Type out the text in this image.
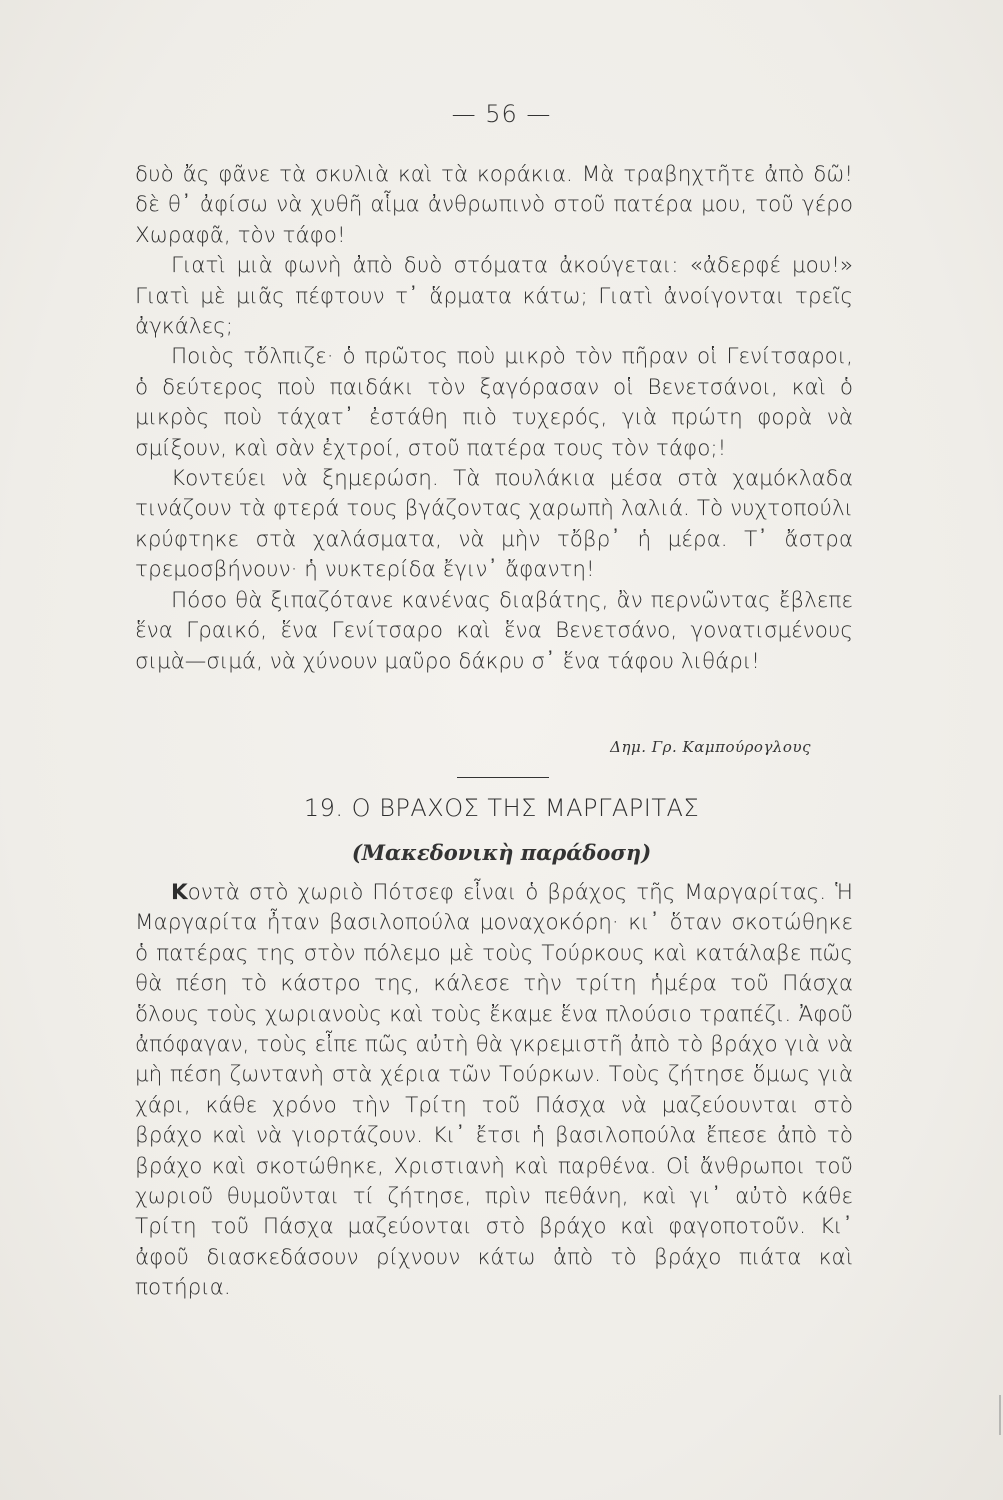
— 56 —

δυὸ ἄς φᾶνε τὰ σκυλιὰ καὶ τὰ κοράκια. Μὰ τραβηχτῆτε ἀπὸ δῶ! δὲ θ᾽ ἀφίσω νὰ χυθῆ αἷμα ἀνθρωπινὸ στοῦ πατέρα μου, τοῦ γέρο Χωραφᾶ, τὸν τάφο!

Γιατὶ μιὰ φωνὴ ἀπὸ δυὸ στόματα ἀκούγεται: «ἀδερφέ μου!» Γιατὶ μὲ μιᾶς πέφτουν τ᾽ ἅρματα κάτω; Γιατὶ ἀνοίγονται τρεῖς ἀγκάλες;

Ποιὸς τὄλπιζε· ὁ πρῶτος ποὺ μικρὸ τὸν πῆραν οἱ Γενίτσαροι, ὁ δεύτερος ποὺ παιδάκι τὸν ξαγόρασαν οἱ Βενετσάνοι, καὶ ὁ μικρὸς ποὺ τάχατ᾽ ἐστάθη πιὸ τυχερός, γιὰ πρώτη φορὰ νὰ σμίξουν, καὶ σὰν ἐχτροί, στοῦ πατέρα τους τὸν τάφο;!

Κοντεύει νὰ ξημερώση. Τὰ πουλάκια μέσα στὰ χαμόκλαδα τινάζουν τὰ φτερά τους βγάζοντας χαρωπὴ λαλιά. Τὸ νυχτοπούλι κρύφτηκε στὰ χαλάσματα, νὰ μὴν τὄβρ᾽ ἡ μέρα. Τ᾽ ἄστρα τρεμοσβήνουν· ἡ νυκτερίδα ἔγιν᾽ ἄφαντη!

Πόσο θὰ ξιπαζότανε κανένας διαβάτης, ἂν περνῶντας ἔβλεπε ἕνα Γραικό, ἕνα Γενίτσαρο καὶ ἕνα Βενετσάνο, γονατισμένους σιμὰ—σιμά, νὰ χύνουν μαῦρο δάκρυ σ᾽ ἕνα τάφου λιθάρι!

Δημ. Γρ. Καμπούρογλους
19. Ο ΒΡΑΧΟΣ ΤΗΣ ΜΑΡΓΑΡΙΤΑΣ
(Μακεδονικὴ παράδοση)

Κοντὰ στὸ χωριὸ Πότσεφ εἶναι ὁ βράχος τῆς Μαργαρίτας. Ἡ Μαργαρίτα ἦταν βασιλοπούλα μοναχοκόρη· κι᾽ ὅταν σκοτώθηκε ὁ πατέρας της στὸν πόλεμο μὲ τοὺς Τούρκους καὶ κατάλαβε πῶς θὰ πέση τὸ κάστρο της, κάλεσε τὴν τρίτη ἡμέρα τοῦ Πάσχα ὅλους τοὺς χωριανοὺς καὶ τοὺς ἔκαμε ἕνα πλούσιο τραπέζι. Ἀφοῦ ἀπόφαγαν, τοὺς εἶπε πῶς αὐτὴ θὰ γκρεμιστῆ ἀπὸ τὸ βράχο γιὰ νὰ μὴ πέση ζωντανὴ στὰ χέρια τῶν Τούρκων. Τοὺς ζήτησε ὅμως γιὰ χάρι, κάθε χρόνο τὴν Τρίτη τοῦ Πάσχα νὰ μαζεύουνται στὸ βράχο καὶ νὰ γιορτάζουν. Κι᾽ ἔτσι ἡ βασιλοπούλα ἔπεσε ἀπὸ τὸ βράχο καὶ σκοτώθηκε, Χριστιανὴ καὶ παρθένα. Οἱ ἄνθρωποι τοῦ χωριοῦ θυμοῦνται τί ζήτησε, πρὶν πεθάνη, καὶ γι᾽ αὐτὸ κάθε Τρίτη τοῦ Πάσχα μαζεύονται στὸ βράχο καὶ φαγοποτοῦν. Κι᾽ ἀφοῦ διασκεδάσουν ρίχνουν κάτω ἀπὸ τὸ βράχο πιάτα καὶ ποτήρια.
